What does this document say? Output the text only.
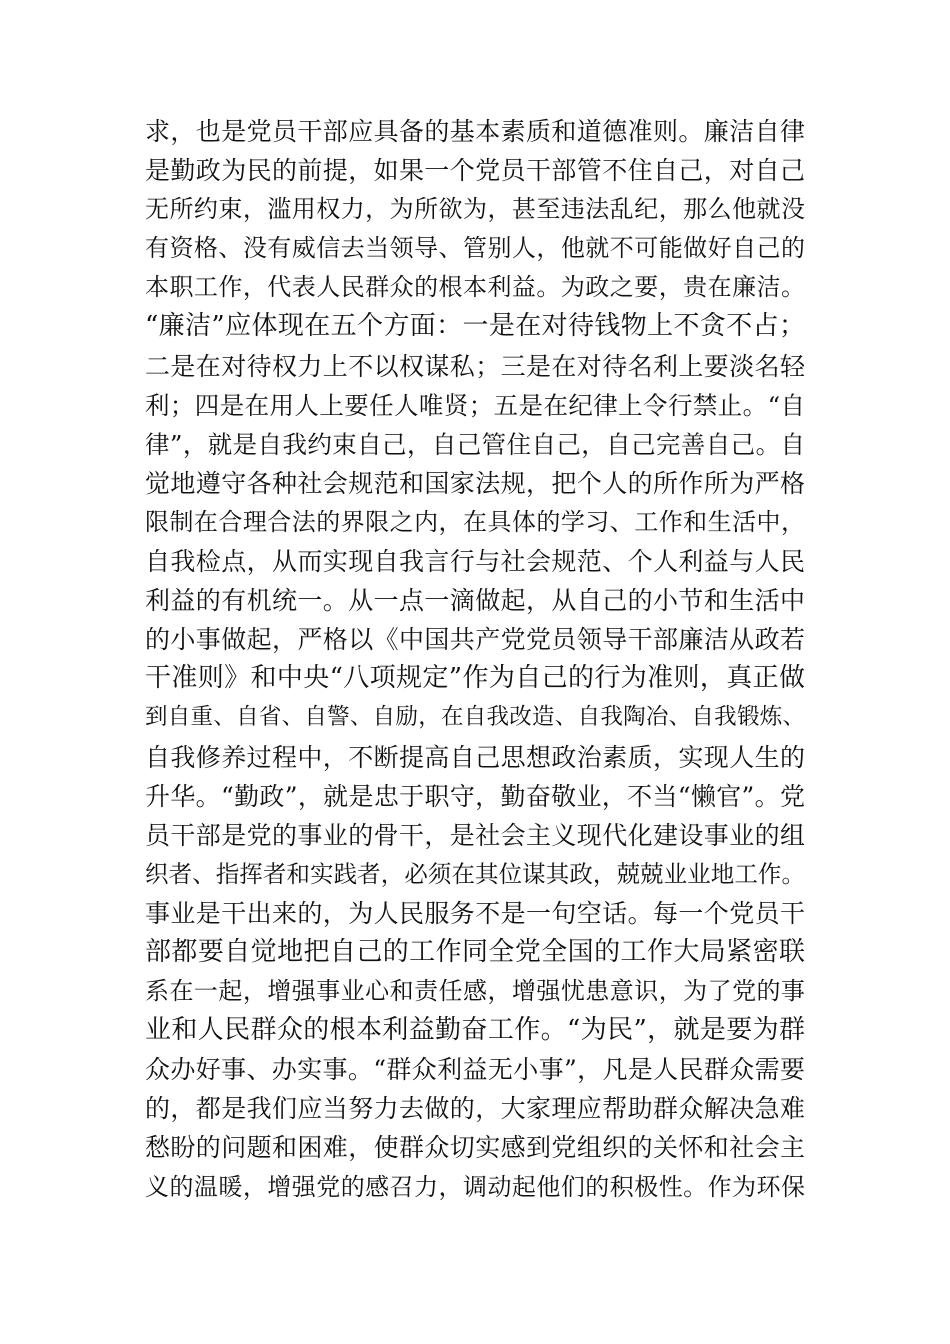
求，也是党员干部应具备的基本素质和道德准则。廉洁自律
是勤政为民的前提，如果一个党员干部管不住自己，对自己
无所约束，滥用权力，为所欲为，甚至违法乱纪，那么他就没
有资格、没有威信去当领导、管别人，他就不可能做好自己的
本职工作，代表人民群众的根本利益。为政之要，贵在廉洁。
“廉洁”应体现在五个方面：一是在对待钱物上不贪不占；
二是在对待权力上不以权谋私；三是在对待名利上要淡名轻
利；四是在用人上要任人唯贤；五是在纪律上令行禁止。“自
律”，就是自我约束自己，自己管住自己，自己完善自己。自
觉地遵守各种社会规范和国家法规，把个人的所作所为严格
限制在合理合法的界限之内，在具体的学习、工作和生活中，
自我检点，从而实现自我言行与社会规范、个人利益与人民
利益的有机统一。从一点一滴做起，从自己的小节和生活中
的小事做起，严格以《中国共产党党员领导干部廉洁从政若
干准则》和中央“八项规定”作为自己的行为准则，真正做
到自重、自省、自警、自励，在自我改造、自我陶冶、自我锻炼、
自我修养过程中，不断提高自己思想政治素质，实现人生的
升华。“勤政”，就是忠于职守，勤奋敬业，不当“懒官”。党
员干部是党的事业的骨干，是社会主义现代化建设事业的组
织者、指挥者和实践者，必须在其位谋其政，兢兢业业地工作。
事业是干出来的，为人民服务不是一句空话。每一个党员干
部都要自觉地把自己的工作同全党全国的工作大局紧密联
系在一起，增强事业心和责任感，增强忧患意识，为了党的事
业和人民群众的根本利益勤奋工作。“为民”，就是要为群
众办好事、办实事。“群众利益无小事”，凡是人民群众需要
的，都是我们应当努力去做的，大家理应帮助群众解决急难
愁盼的问题和困难，使群众切实感到党组织的关怀和社会主
义的温暖，增强党的感召力，调动起他们的积极性。作为环保
